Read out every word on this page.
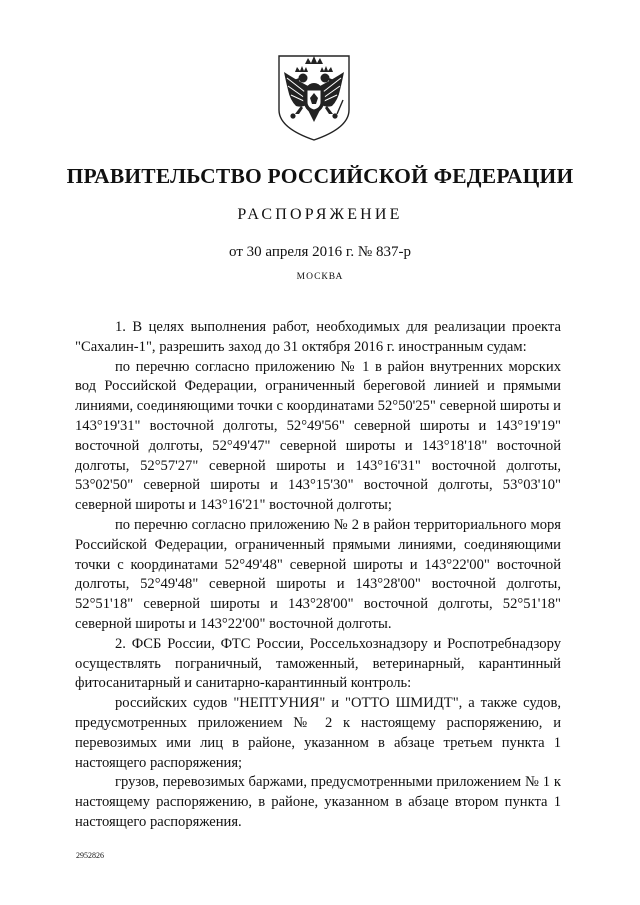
ПРАВИТЕЛЬСТВО РОССИЙСКОЙ ФЕДЕРАЦИИ
РАСПОРЯЖЕНИЕ
от 30 апреля 2016 г. № 837-р
МОСКВА

1. В целях выполнения работ, необходимых для реализации проекта "Сахалин-1", разрешить заход до 31 октября 2016 г. иностранным судам:

по перечню согласно приложению № 1 в район внутренних морских вод Российской Федерации, ограниченный береговой линией и прямыми линиями, соединяющими точки с координатами 52°50'25" северной широты и 143°19'31" восточной долготы, 52°49'56" северной широты и 143°19'19" восточной долготы, 52°49'47" северной широты и 143°18'18" восточной долготы, 52°57'27" северной широты и 143°16'31" восточной долготы, 53°02'50" северной широты и 143°15'30" восточной долготы, 53°03'10" северной широты и 143°16'21" восточной долготы;

по перечню согласно приложению № 2 в район территориального моря Российской Федерации, ограниченный прямыми линиями, соединяющими точки с координатами 52°49'48" северной широты и 143°22'00" восточной долготы, 52°49'48" северной широты и 143°28'00" восточной долготы, 52°51'18" северной широты и 143°28'00" восточной долготы, 52°51'18" северной широты и 143°22'00" восточной долготы.

2. ФСБ России, ФТС России, Россельхознадзору и Роспотребнадзору осуществлять пограничный, таможенный, ветеринарный, карантинный фитосанитарный и санитарно-карантинный контроль:

российских судов "НЕПТУНИЯ" и "ОТТО ШМИДТ", а также судов, предусмотренных приложением № 2 к настоящему распоряжению, и перевозимых ими лиц в районе, указанном в абзаце третьем пункта 1 настоящего распоряжения;

грузов, перевозимых баржами, предусмотренными приложением № 1 к настоящему распоряжению, в районе, указанном в абзаце втором пункта 1 настоящего распоряжения.

2952826
